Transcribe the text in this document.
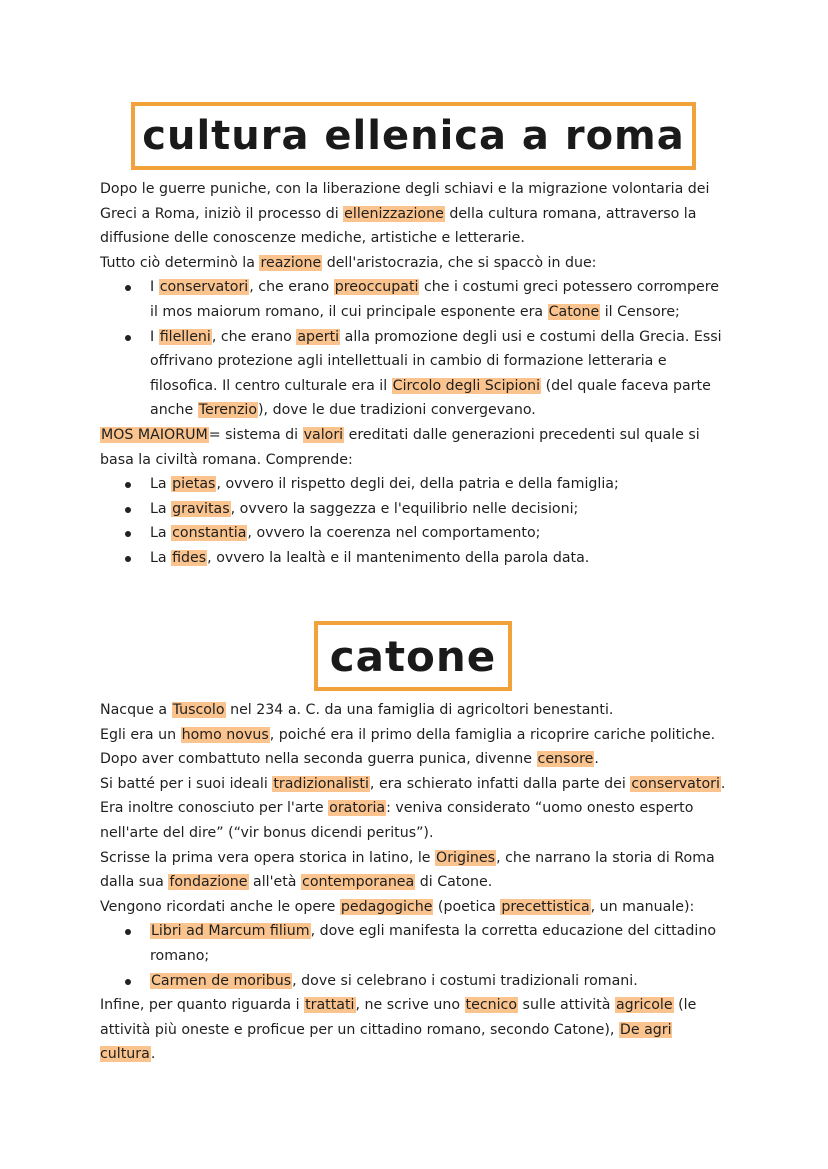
cultura ellenica a roma

Dopo le guerre puniche, con la liberazione degli schiavi e la migrazione volontaria dei Greci a Roma, iniziò il processo di ellenizzazione della cultura romana, attraverso la diffusione delle conoscenze mediche, artistiche e letterarie.

Tutto ciò determinò la reazione dell'aristocrazia, che si spaccò in due:

I conservatori, che erano preoccupati che i costumi greci potessero corrompere il mos maiorum romano, il cui principale esponente era Catone il Censore;
I filelleni, che erano aperti alla promozione degli usi e costumi della Grecia. Essi offrivano protezione agli intellettuali in cambio di formazione letteraria e filosofica. Il centro culturale era il Circolo degli Scipioni (del quale faceva parte anche Terenzio), dove le due tradizioni convergevano.

MOS MAIORUM= sistema di valori ereditati dalle generazioni precedenti sul quale si basa la civiltà romana. Comprende:

La pietas, ovvero il rispetto degli dei, della patria e della famiglia;
La gravitas, ovvero la saggezza e l'equilibrio nelle decisioni;
La constantia, ovvero la coerenza nel comportamento;
La fides, ovvero la lealtà e il mantenimento della parola data.
catone

Nacque a Tuscolo nel 234 a. C. da una famiglia di agricoltori benestanti.

Egli era un homo novus, poiché era il primo della famiglia a ricoprire cariche politiche.

Dopo aver combattuto nella seconda guerra punica, divenne censore.

Si batté per i suoi ideali tradizionalisti, era schierato infatti dalla parte dei conservatori.

Era inoltre conosciuto per l'arte oratoria: veniva considerato “uomo onesto esperto nell'arte del dire” (“vir bonus dicendi peritus”).

Scrisse la prima vera opera storica in latino, le Origines, che narrano la storia di Roma dalla sua fondazione all'età contemporanea di Catone.

Vengono ricordati anche le opere pedagogiche (poetica precettistica, un manuale):

Libri ad Marcum filium, dove egli manifesta la corretta educazione del cittadino romano;
Carmen de moribus, dove si celebrano i costumi tradizionali romani.

Infine, per quanto riguarda i trattati, ne scrive uno tecnico sulle attività agricole (le attività più oneste e proficue per un cittadino romano, secondo Catone), De agri cultura.
